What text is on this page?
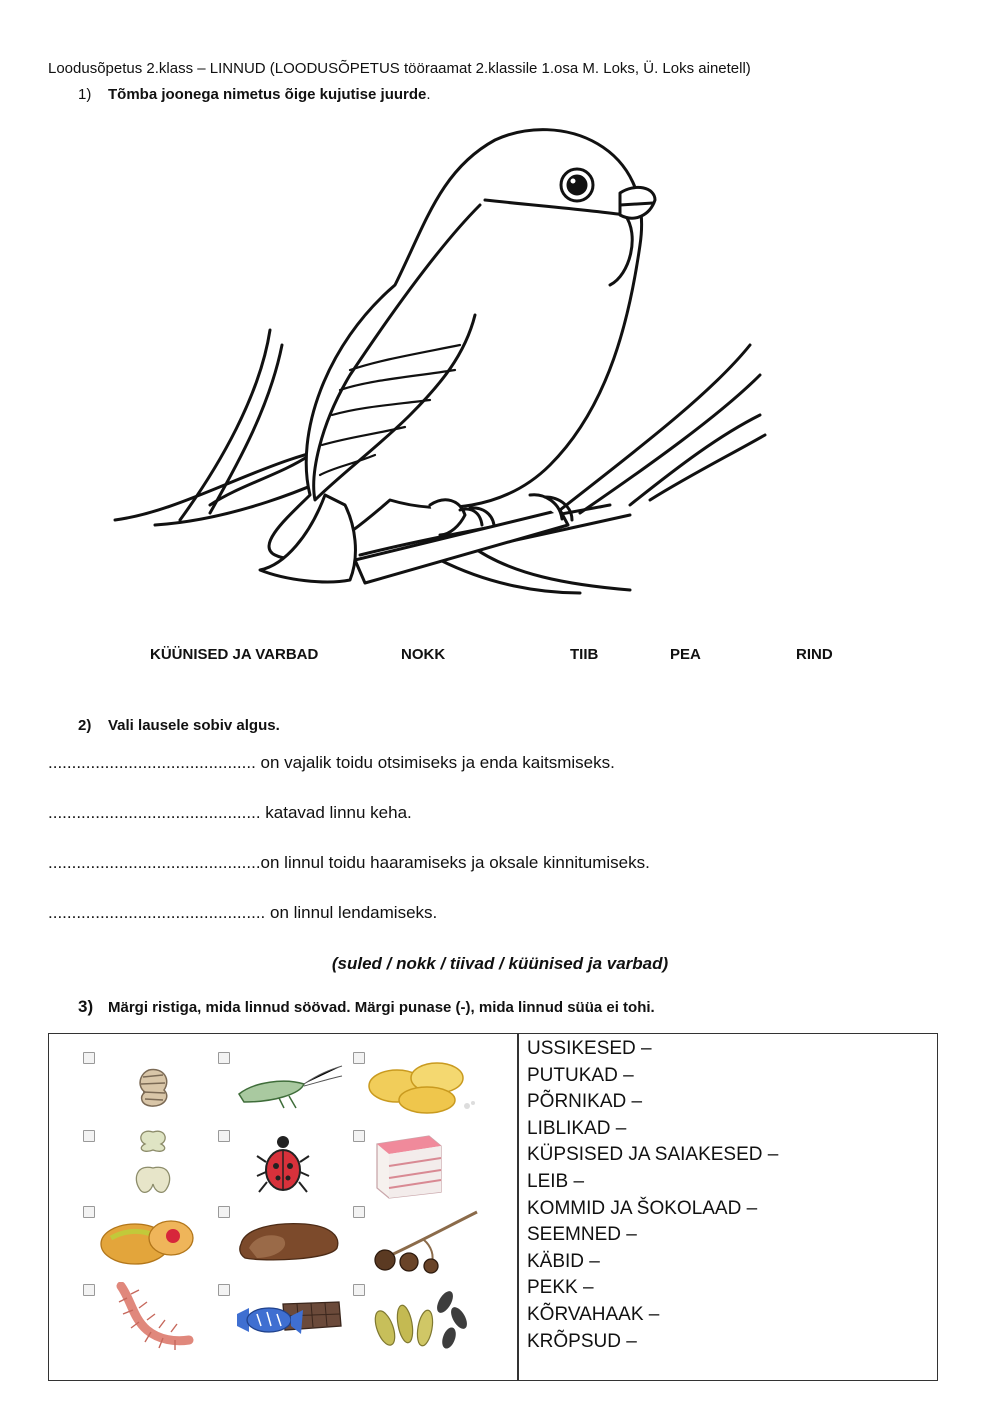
Loodusõpetus 2.klass – LINNUD (LOODUSÕPETUS tööraamat 2.klassile 1.osa M. Loks, Ü. Loks ainetell)
1) Tõmba joonega nimetus õige kujutise juurde.
KÜÜNISED JA VARBAD	NOKK	TIIB	PEA	RIND
2) Vali lausele sobiv algus.
............................................ on vajalik toidu otsimiseks ja enda kaitsmiseks.
............................................. katavad linnu keha.
.............................................on linnul toidu haaramiseks ja oksale kinnitumiseks.
.............................................. on linnul lendamiseks.
(suled / nokk / tiivad / küünised ja varbad)
3) Märgi ristiga, mida linnud söövad. Märgi punase (-), mida linnud süüa ei tohi.
USSIKESED –
PUTUKAD –
PÕRNIKAD –
LIBLIKAD –
KÜPSISED JA SAIAKESED –
LEIB –
KOMMID JA ŠOKOLAAD –
SEEMNED –
KÄBID –
PEKK –
KÕRVAHAAK –
KRÕPSUD –
